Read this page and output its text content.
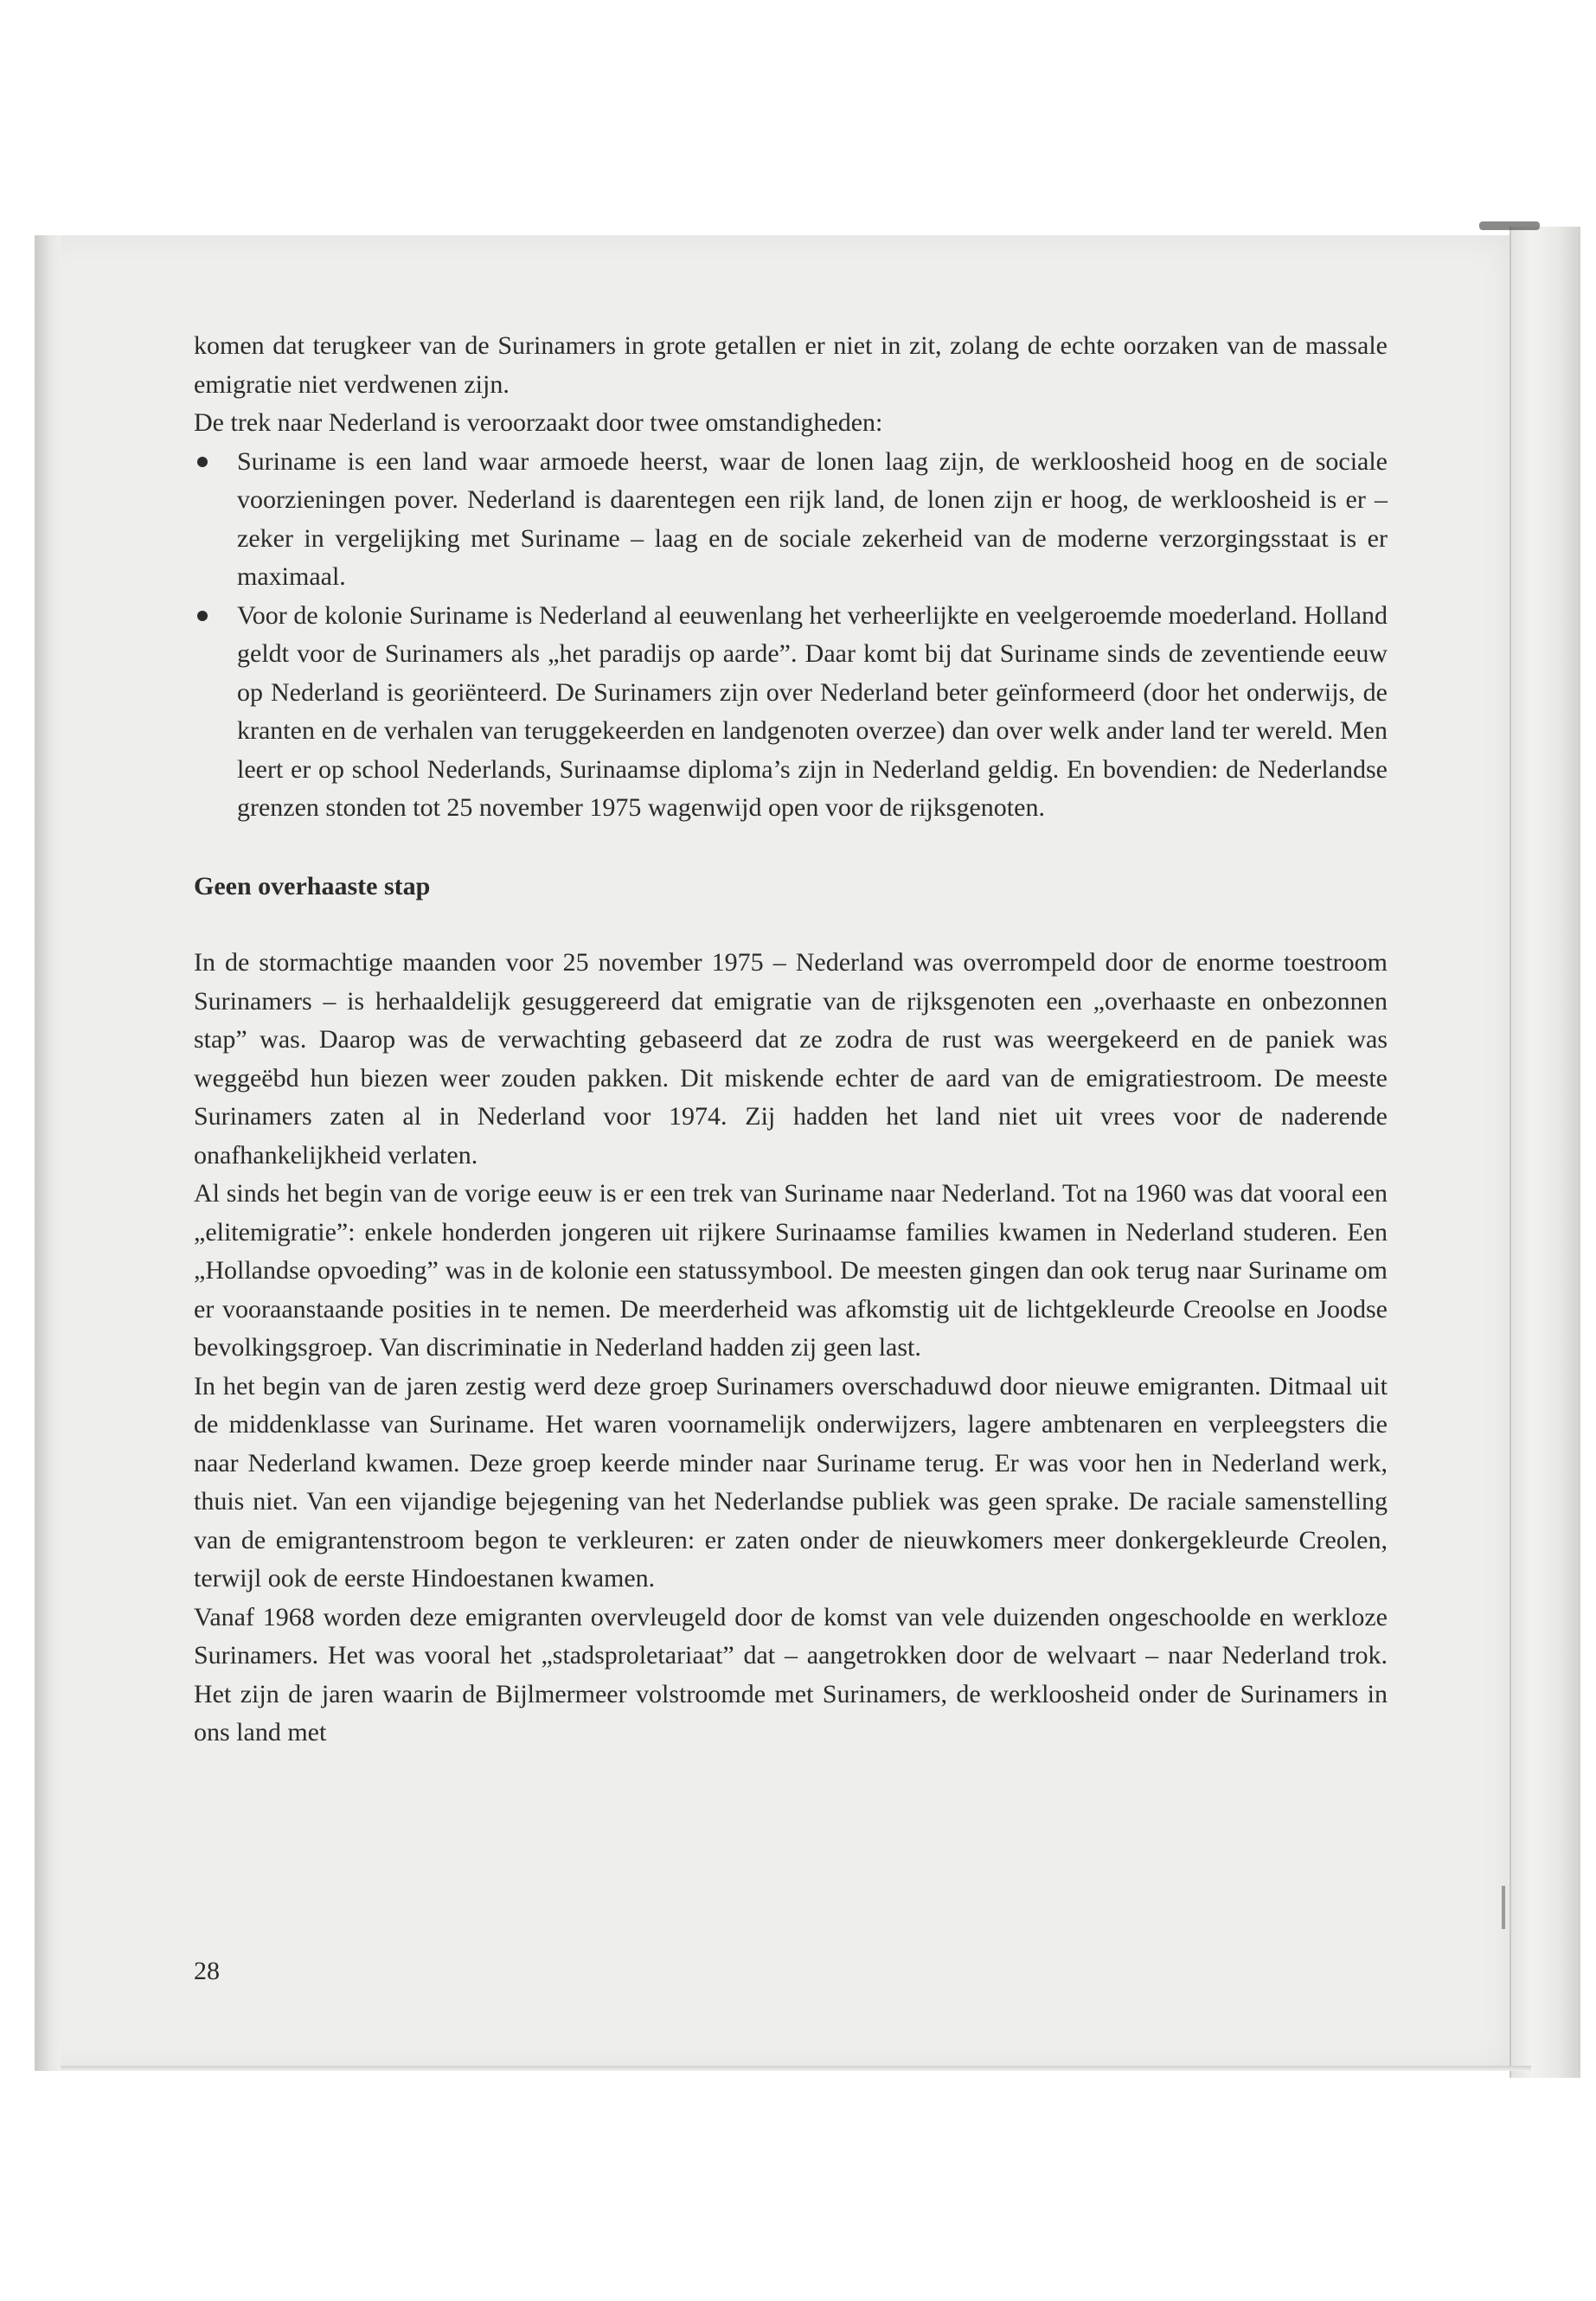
komen dat terugkeer van de Surinamers in grote getallen er niet in zit, zolang de echte oorzaken van de massale emigratie niet verdwenen zijn.

De trek naar Nederland is veroorzaakt door twee omstandigheden:

Suriname is een land waar armoede heerst, waar de lonen laag zijn, de werkloosheid hoog en de sociale voorzieningen pover. Nederland is daarentegen een rijk land, de lonen zijn er hoog, de werkloosheid is er – zeker in vergelijking met Suriname – laag en de sociale zekerheid van de moderne verzorgingsstaat is er maximaal.
Voor de kolonie Suriname is Nederland al eeuwenlang het verheerlijkte en veelgeroemde moederland. Holland geldt voor de Surinamers als „het paradijs op aarde”. Daar komt bij dat Suriname sinds de zeventiende eeuw op Nederland is georiënteerd. De Surinamers zijn over Nederland beter geïnformeerd (door het onderwijs, de kranten en de verhalen van teruggekeerden en landgenoten overzee) dan over welk ander land ter wereld. Men leert er op school Nederlands, Surinaamse diploma’s zijn in Nederland geldig. En bovendien: de Nederlandse grenzen stonden tot 25 november 1975 wagenwijd open voor de rijksgenoten.

Geen overhaaste stap

In de stormachtige maanden voor 25 november 1975 – Nederland was overrompeld door de enorme toestroom Surinamers – is herhaaldelijk gesuggereerd dat emigratie van de rijksgenoten een „overhaaste en onbezonnen stap” was. Daarop was de verwachting gebaseerd dat ze zodra de rust was weergekeerd en de paniek was weggeëbd hun biezen weer zouden pakken. Dit miskende echter de aard van de emigratiestroom. De meeste Surinamers zaten al in Nederland voor 1974. Zij hadden het land niet uit vrees voor de naderende onafhankelijkheid verlaten.

Al sinds het begin van de vorige eeuw is er een trek van Suriname naar Nederland. Tot na 1960 was dat vooral een „elitemigratie”: enkele honderden jongeren uit rijkere Surinaamse families kwamen in Nederland studeren. Een „Hollandse opvoeding” was in de kolonie een statussymbool. De meesten gingen dan ook terug naar Suriname om er vooraanstaande posities in te nemen. De meerderheid was afkomstig uit de lichtgekleurde Creoolse en Joodse bevolkingsgroep. Van discriminatie in Nederland hadden zij geen last.

In het begin van de jaren zestig werd deze groep Surinamers overschaduwd door nieuwe emigranten. Ditmaal uit de middenklasse van Suriname. Het waren voornamelijk onderwijzers, lagere ambtenaren en verpleegsters die naar Nederland kwamen. Deze groep keerde minder naar Suriname terug. Er was voor hen in Nederland werk, thuis niet. Van een vijandige bejegening van het Nederlandse publiek was geen sprake. De raciale samenstelling van de emigrantenstroom begon te verkleuren: er zaten onder de nieuwkomers meer donkergekleurde Creolen, terwijl ook de eerste Hindoestanen kwamen.

Vanaf 1968 worden deze emigranten overvleugeld door de komst van vele duizenden ongeschoolde en werkloze Surinamers. Het was vooral het „stadsproletariaat” dat – aangetrokken door de welvaart – naar Nederland trok. Het zijn de jaren waarin de Bijlmermeer volstroomde met Surinamers, de werkloosheid onder de Surinamers in ons land met

28
